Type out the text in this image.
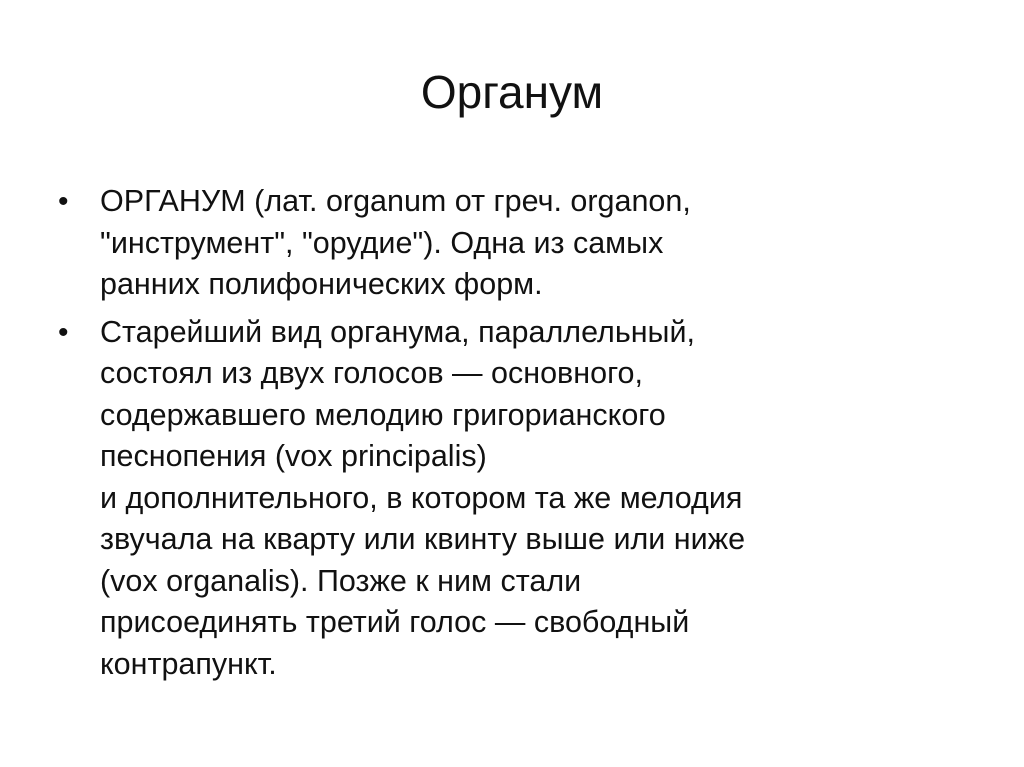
Органум
•	ОРГАНУМ (лат. organum от греч. organon,
"инструмент", "орудие"). Одна из самых
ранних полифонических форм.
•	Старейший вид органума, параллельный,
состоял из двух голосов — основного,
содержавшего мелодию григорианского
песнопения (vox principalis)
и дополнительного, в котором та же мелодия
звучала на кварту или квинту выше или ниже
(vox organalis). Позже к ним стали
присоединять третий голос — свободный
контрапункт.
